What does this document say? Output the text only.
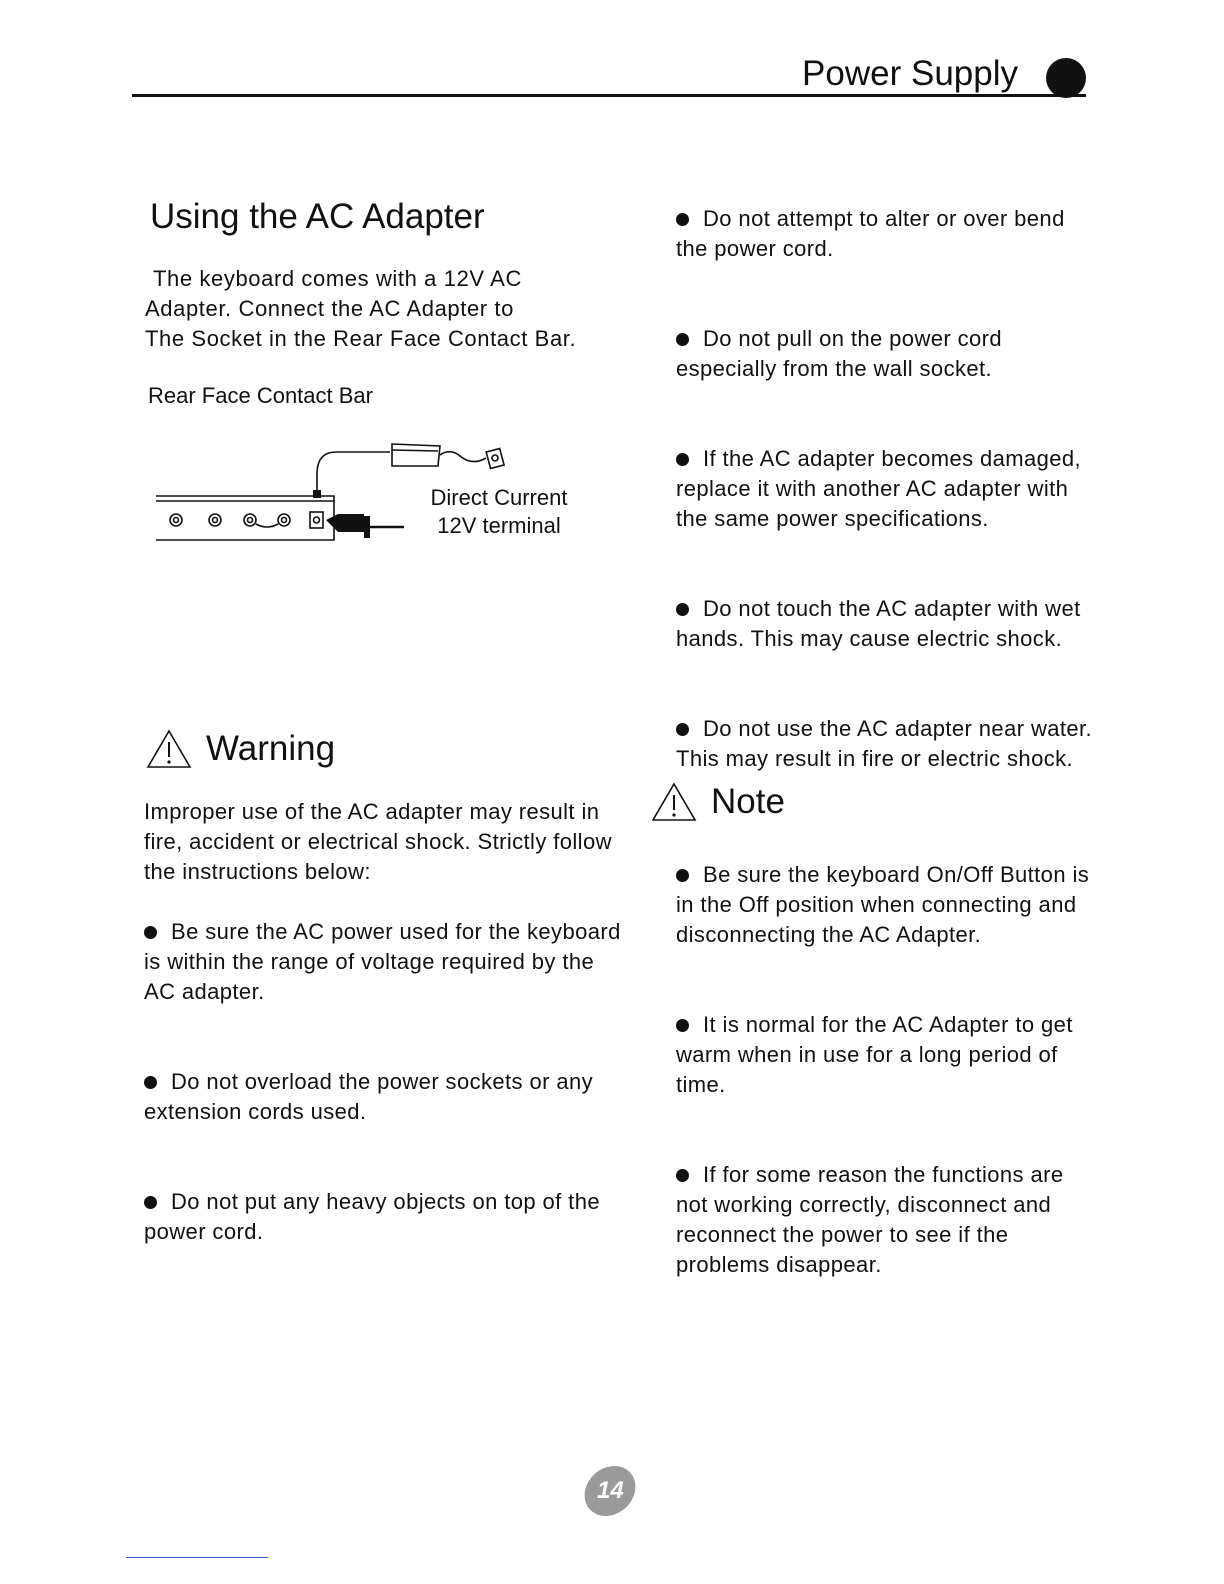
Power Supply
Using the AC Adapter
The keyboard comes with a 12V AC
Adapter. Connect the AC Adapter to
The Socket in the Rear Face Contact Bar.
Rear Face Contact Bar
Direct Current
12V terminal
Warning
Improper use of the AC adapter may result in fire, accident or electrical shock. Strictly follow the instructions below:
Be sure the AC power used for the keyboard is within the range of voltage required by the AC adapter.
Do not overload the power sockets or any extension cords used.
Do not put any heavy objects on top of the power cord.
Do not attempt to alter or over bend the power cord.
Do not pull on the power cord especially from the wall socket.
If the AC adapter becomes damaged, replace it with another AC adapter with the same power specifications.
Do not touch the AC adapter with wet hands. This may cause electric shock.
Do not use the AC adapter near water. This may result in fire or electric shock.
Note
Be sure the keyboard On/Off Button is in the Off position when connecting and disconnecting the AC Adapter.
It is normal for the AC Adapter to get warm when in use for a long period of time.
If for some reason the functions are not working correctly, disconnect and reconnect the power to see if the problems disappear.
14
